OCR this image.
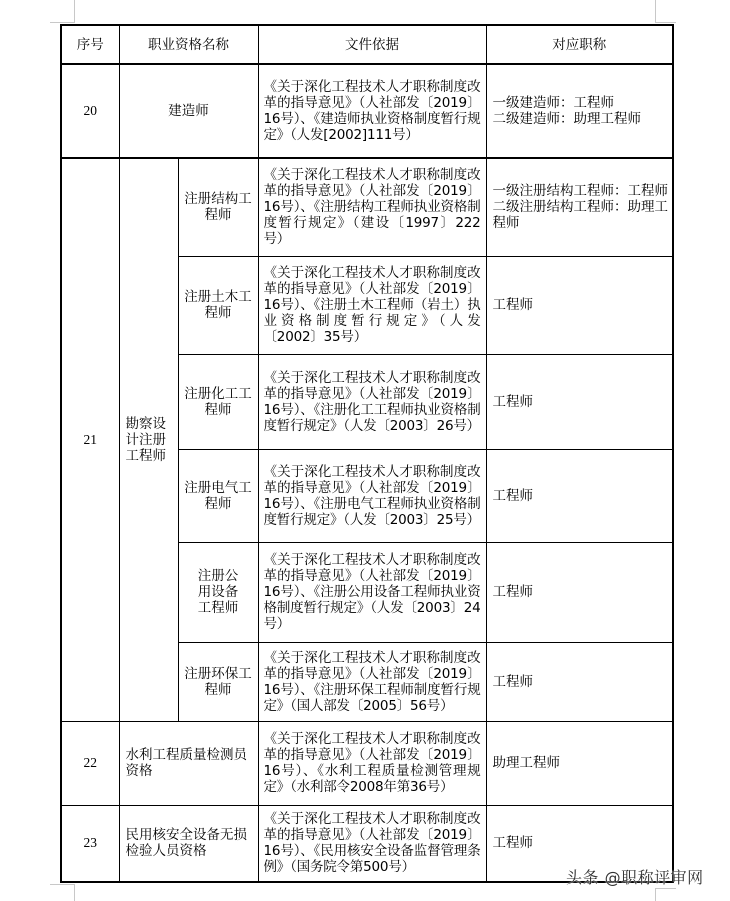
序号	职业资格名称		文件依据	对应职称
20	建造师		《关于深化工程技术人才职称制度改革的指导意见》（人社部发〔2019〕16号）、《建造师执业资格制度暂行规定》（人发[2002]111号）	一级建造师：工程师
二级建造师：助理工程师

21	勘察设计注册工程师	注册结构工程师	《关于深化工程技术人才职称制度改革的指导意见》（人社部发〔2019〕16号）、《注册结构工程师执业资格制度暂行规定》（建设〔1997〕222号）	一级注册结构工程师：工程师
二级注册结构工程师：助理工程师

		注册土木工程师	《关于深化工程技术人才职称制度改革的指导意见》（人社部发〔2019〕16号）、《注册土木工程师（岩土）执业资格制度暂行规定》（人发〔2002〕35号）	工程师
		注册化工工程师	《关于深化工程技术人才职称制度改革的指导意见》（人社部发〔2019〕16号）、《注册化工工程师执业资格制度暂行规定》（人发〔2003〕26号）	工程师
		注册电气工程师	《关于深化工程技术人才职称制度改革的指导意见》（人社部发〔2019〕16号）、《注册电气工程师执业资格制度暂行规定》（人发〔2003〕25号）	工程师
		注册公用设备工程师	《关于深化工程技术人才职称制度改革的指导意见》（人社部发〔2019〕16号）、《注册公用设备工程师执业资格制度暂行规定》（人发〔2003〕24号）	工程师
		注册环保工程师	《关于深化工程技术人才职称制度改革的指导意见》（人社部发〔2019〕16号）、《注册环保工程师制度暂行规定》（国人部发〔2005〕56号）	工程师
22	水利工程质量检测员资格		《关于深化工程技术人才职称制度改革的指导意见》（人社部发〔2019〕16号）、《水利工程质量检测管理规定》（水利部令2008年第36号）	助理工程师
23	民用核安全设备无损检验人员资格		《关于深化工程技术人才职称制度改革的指导意见》（人社部发〔2019〕16号）、《民用核安全设备监督管理条例》（国务院令第500号）	工程师
头条 @职称评审网
